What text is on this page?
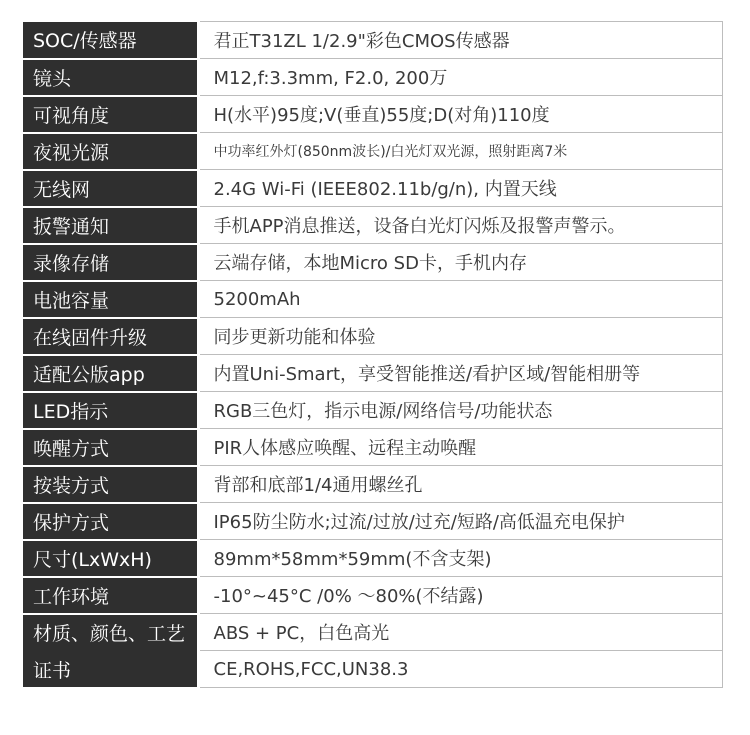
SOC/传感器	君正T31ZL 1/2.9"彩色CMOS传感器
镜头	M12,f:3.3mm, F2.0, 200万
可视角度	H(水平)95度;V(垂直)55度;D(对角)110度
夜视光源	中功率红外灯(850nm波长)/白光灯双光源，照射距离7米
无线网	2.4G Wi-Fi (IEEE802.11b/g/n), 内置天线
扳警通知	手机APP消息推送，设备白光灯闪烁及报警声警示。
录像存储	云端存储，本地Micro SD卡，手机内存
电池容量	5200mAh
在线固件升级	同步更新功能和体验
适配公版app	内置Uni-Smart，享受智能推送/看护区域/智能相册等
LED指示	RGB三色灯，指示电源/网络信号/功能状态
唤醒方式	PIR人体感应唤醒、远程主动唤醒
按装方式	背部和底部1/4通用螺丝孔
保护方式	IP65防尘防水;过流/过放/过充/短路/高低温充电保护
尺寸(LxWxH)	89mm*58mm*59mm(不含支架)
工作环境	-10°~45°C /0% ～80%(不结露)
材质、颜色、工艺	ABS + PC，白色高光
证书	CE,ROHS,FCC,UN38.3
